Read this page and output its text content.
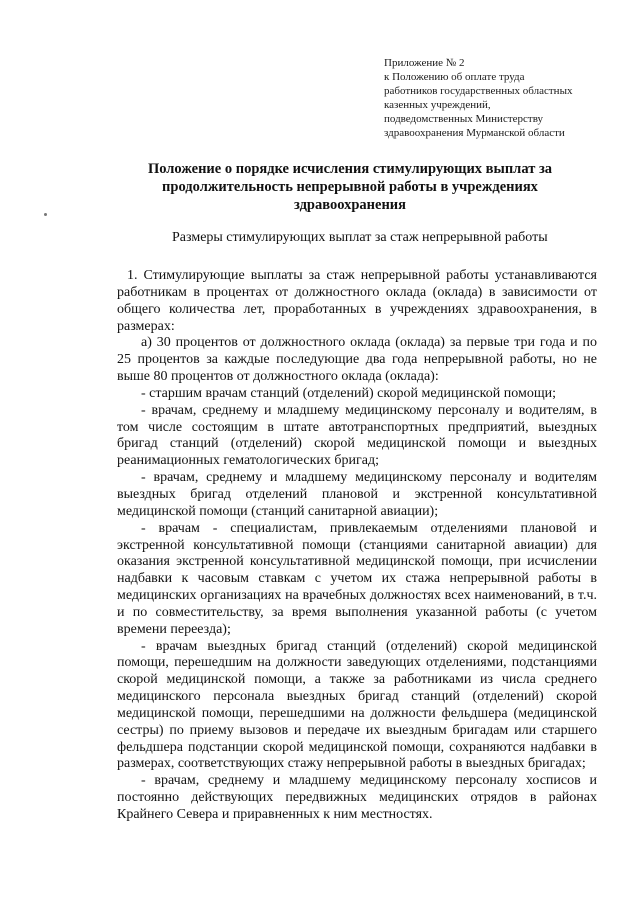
Приложение № 2
к Положению об оплате труда
работников государственных областных
казенных учреждений,
подведомственных Министерству
здравоохранения Мурманской области
Положение о порядке исчисления стимулирующих выплат за
продолжительность непрерывной работы в учреждениях
здравоохранения
Размеры стимулирующих выплат за стаж непрерывной работы

1. Стимулирующие выплаты за стаж непрерывной работы устанавливаются работникам в процентах от должностного оклада (оклада) в зависимости от общего количества лет, проработанных в учреждениях здравоохранения, в размерах:

а) 30 процентов от должностного оклада (оклада) за первые три года и по 25 процентов за каждые последующие два года непрерывной работы, но не выше 80 процентов от должностного оклада (оклада):

- старшим врачам станций (отделений) скорой медицинской помощи;

- врачам, среднему и младшему медицинскому персоналу и водителям, в том числе состоящим в штате автотранспортных предприятий, выездных бригад станций (отделений) скорой медицинской помощи и выездных реанимационных гематологических бригад;

- врачам, среднему и младшему медицинскому персоналу и водителям выездных бригад отделений плановой и экстренной консультативной медицинской помощи (станций санитарной авиации);

- врачам - специалистам, привлекаемым отделениями плановой и экстренной консультативной помощи (станциями санитарной авиации) для оказания экстренной консультативной медицинской помощи, при исчислении надбавки к часовым ставкам с учетом их стажа непрерывной работы в медицинских организациях на врачебных должностях всех наименований, в т.ч. и по совместительству, за время выполнения указанной работы (с учетом времени переезда);

- врачам выездных бригад станций (отделений) скорой медицинской помощи, перешедшим на должности заведующих отделениями, подстанциями скорой медицинской помощи, а также за работниками из числа среднего медицинского персонала выездных бригад станций (отделений) скорой медицинской помощи, перешедшими на должности фельдшера (медицинской сестры) по приему вызовов и передаче их выездным бригадам или старшего фельдшера подстанции скорой медицинской помощи, сохраняются надбавки в размерах, соответствующих стажу непрерывной работы в выездных бригадах;

- врачам, среднему и младшему медицинскому персоналу хосписов и постоянно действующих передвижных медицинских отрядов в районах Крайнего Севера и приравненных к ним местностях.
